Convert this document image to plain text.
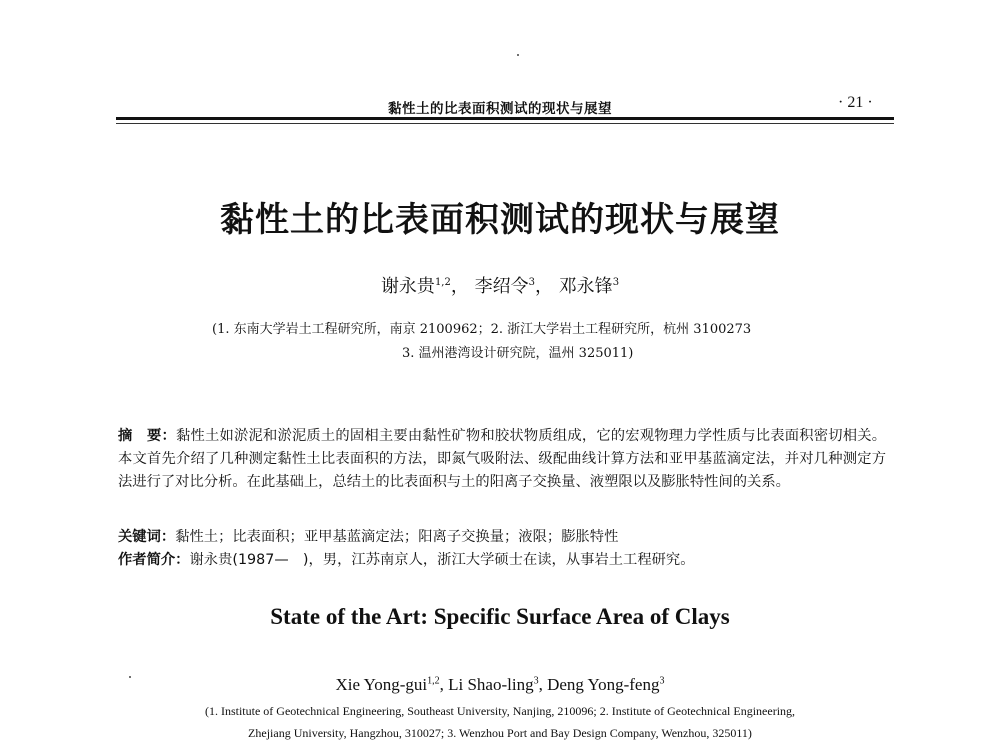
黏性土的比表面积测试的现状与展望	· 21 ·
黏性土的比表面积测试的现状与展望
谢永贵$^{1,2}$， 李绍令$^3$， 邓永锋$^3$
(1. 东南大学岩土工程研究所，南京 2100962；2. 浙江大学岩土工程研究所，杭州 3100273
3. 温州港湾设计研究院，温州 325011)
摘　要：黏性土如淤泥和淤泥质土的固相主要由黏性矿物和胶状物质组成，它的宏观物理力学性质与比表面积密切相关。本文首先介绍了几种测定黏性土比表面积的方法，即氮气吸附法、级配曲线计算方法和亚甲基蓝滴定法，并对几种测定方法进行了对比分析。在此基础上，总结土的比表面积与土的阳离子交换量、液塑限以及膨胀特性间的关系。
关键词：黏性土；比表面积；亚甲基蓝滴定法；阳离子交换量；液限；膨胀特性
作者简介：谢永贵(1987—　)，男，江苏南京人，浙江大学硕士在读，从事岩土工程研究。
State of the Art: Specific Surface Area of Clays
Xie Yong-gui$^{1,2}$, Li Shao-ling$^3$, Deng Yong-feng$^3$
(1. Institute of Geotechnical Engineering, Southeast University, Nanjing, 210096; 2. Institute of Geotechnical Engineering,
Zhejiang University, Hangzhou, 310027; 3. Wenzhou Port and Bay Design Company, Wenzhou, 325011)
